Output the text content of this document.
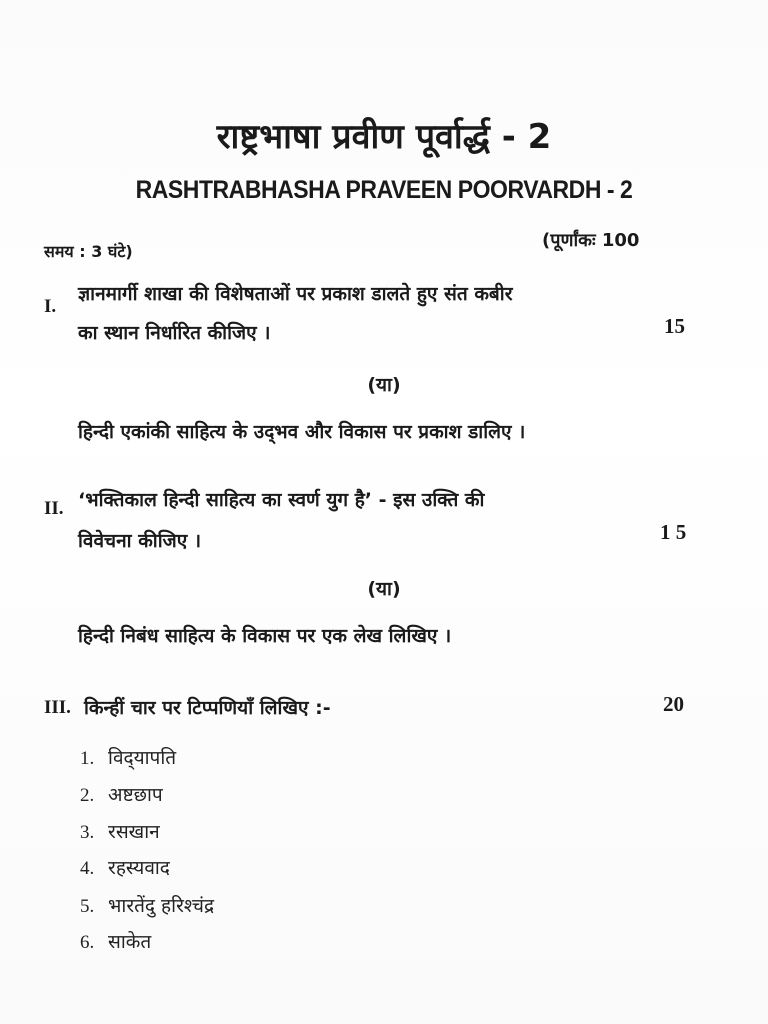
राष्ट्रभाषा प्रवीण पूर्वार्द्ध - 2
RASHTRABHASHA PRAVEEN POORVARDH - 2
समय : 3 घंटे)
(पूर्णांकः 100
I.
ज्ञानमार्गी शाखा की विशेषताओं पर प्रकाश डालते हुए संत कबीर
का स्थान निर्धारित कीजिए ।	15
(या)
हिन्दी एकांकी साहित्य के उद्‌भव और विकास पर प्रकाश डालिए ।
II. ‘भक्तिकाल हिन्दी साहित्य का स्वर्ण युग है’ - इस उक्ति की
विवेचना कीजिए ।	1 5
(या)
हिन्दी निबंध साहित्य के विकास पर एक लेख लिखिए ।
III. किन्हीं चार पर टिप्पणियाँ लिखिए :-	20
1. विद्‌यापति
2. अष्टछाप
3. रसखान
4. रहस्यवाद
5. भारतेंदु हरिश्चंद्र
6. साकेत
